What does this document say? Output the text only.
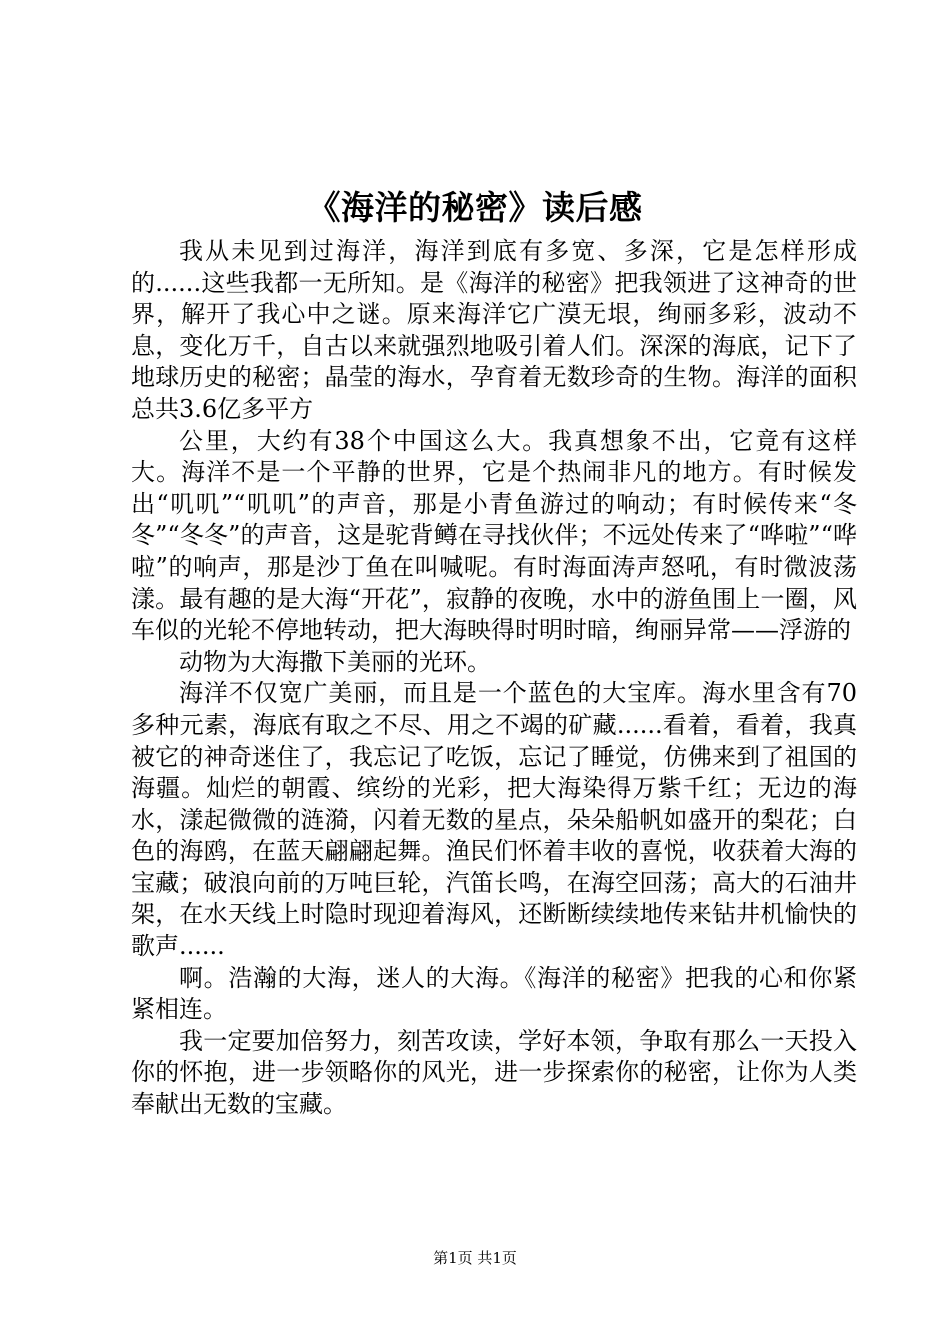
《海洋的秘密》读后感

我从未见到过海洋，海洋到底有多宽、多深，它是怎样形成的......这些我都一无所知。是《海洋的秘密》把我领进了这神奇的世界，解开了我心中之谜。原来海洋它广漠无垠，绚丽多彩，波动不息，变化万千，自古以来就强烈地吸引着人们。深深的海底，记下了地球历史的秘密；晶莹的海水，孕育着无数珍奇的生物。海洋的面积总共3.6亿多平方

公里，大约有38个中国这么大。我真想象不出，它竟有这样大。海洋不是一个平静的世界，它是个热闹非凡的地方。有时候发出“叽叽”“叽叽”的声音，那是小青鱼游过的响动；有时候传来“冬冬”“冬冬”的声音，这是驼背鳟在寻找伙伴；不远处传来了“哗啦”“哗啦”的响声，那是沙丁鱼在叫喊呢。有时海面涛声怒吼，有时微波荡漾。最有趣的是大海“开花”，寂静的夜晚，水中的游鱼围上一圈，风车似的光轮不停地转动，把大海映得时明时暗，绚丽异常——浮游的

动物为大海撒下美丽的光环。

海洋不仅宽广美丽，而且是一个蓝色的大宝库。海水里含有70多种元素，海底有取之不尽、用之不竭的矿藏......看着，看着，我真被它的神奇迷住了，我忘记了吃饭，忘记了睡觉，仿佛来到了祖国的海疆。灿烂的朝霞、缤纷的光彩，把大海染得万紫千红；无边的海水，漾起微微的涟漪，闪着无数的星点，朵朵船帆如盛开的梨花；白色的海鸥，在蓝天翩翩起舞。渔民们怀着丰收的喜悦，收获着大海的宝藏；破浪向前的万吨巨轮，汽笛长鸣，在海空回荡；高大的石油井架，在水天线上时隐时现迎着海风，还断断续续地传来钻井机愉快的歌声......

啊。浩瀚的大海，迷人的大海。《海洋的秘密》把我的心和你紧紧相连。

我一定要加倍努力，刻苦攻读，学好本领，争取有那么一天投入你的怀抱，进一步领略你的风光，进一步探索你的秘密，让你为人类奉献出无数的宝藏。

第1页 共1页
